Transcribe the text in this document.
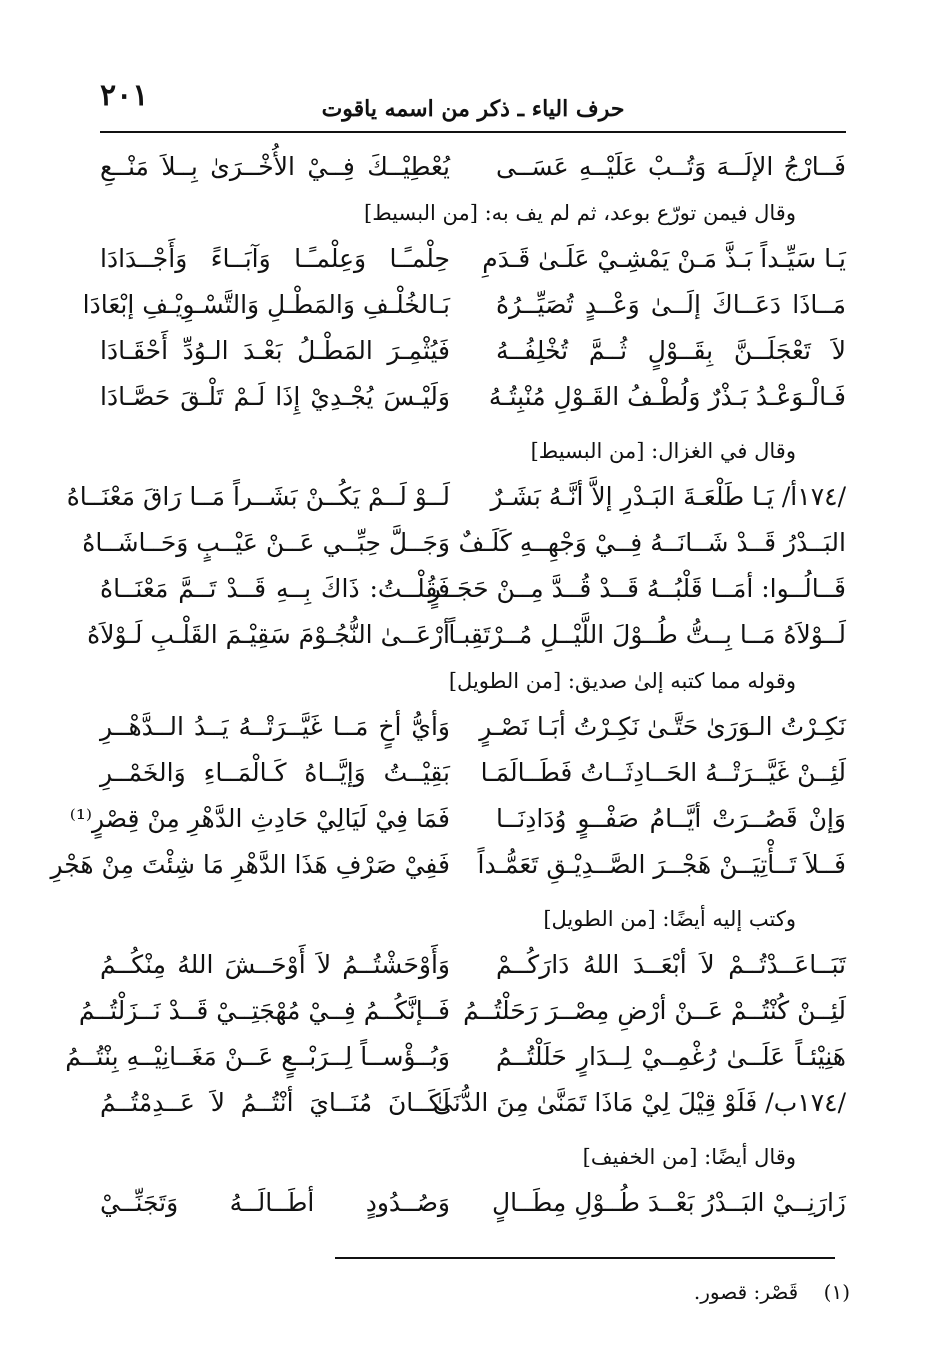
٢٠١	حرف الياء ـ ذكر من اسمه ياقوت
فَــارْجُ الإلَــهَ وَتُــبْ عَلَيْــهِ عَسَــى
يُعْطِيْــكَ فِــيْ الأُخْــرَىٰ بِــلاَ مَنْــعِ
وقال فيمن تورّع بوعد، ثم لم يف به: [من البسيط]
يَـا سَيِّـداً بَـذَّ مَـنْ يَمْشِـيْ عَلَـىٰ قَـدَمِ
حِلْمـًـا وَعِلْمـًـا وَآبَــاءً وَأَجْــدَادَا
مَــاذَا دَعَــاكَ إلَــىٰ وَعْــدٍ تُصَيِّــرُهُ
بَـالخُلْـفِ وَالمَطْـلِ وَالتَّسْـوِيْـفِ إبْعَادَا
لاَ تَعْجَلَــنَّ بِقَــوْلٍ ثُــمَّ تُخْلِفُــهُ
فَيُثْمِـرَ المَطْـلُ بَعْـدَ الـوُدِّ أَحْقَـادَا
فَـالْـوَعْـدُ بَـذْرٌ وَلُطْـفُ القَـوْلِ مُنْبِتُـهُ
وَلَيْـسَ يُجْـدِيْ إِذَا لَـمْ تَلْـقَ حَصَّـادَا
وقال في الغزال: [من البسيط]
/١٧٤أ/ يَـا طَلْعَـةَ البَـدْرِ إلاَّ أنَّـهُ بَشَـرٌ
لَــوْ لَــمْ يَكُــنْ بَشَــراً مَــا رَاقَ مَعْنَــاهُ
البَــدْرُ قَــدْ شَــانَــهُ فِــيْ وَجْهِــهِ كَلَـفٌ
وَجَــلَّ حِبِّــي عَــنْ عَيْــبٍ وَحَــاشَــاهُ
قَــالُــوا: أمَــا قَلْبُــهُ قَــدْ قُــدَّ مِــنْ حَجَــرٍ
فَقُلْــتُ: ذَاكَ بِــهِ قَــدْ تَــمَّ مَعْنَــاهُ
لَــوْلاَهُ مَــا بِــتُّ طُــوْلَ اللَّيْــلِ مُــرْتَقِبـاً
أرْعَــىٰ النُّجُـوْمَ سَقِيْـمَ القَلْـبِ لَـوْلاَهُ
وقوله مما كتبه إلىٰ صديق: [من الطويل]
نَكِـرْتُ الـوَرَىٰ حَتَّـىٰ نَكِـرْتُ أبَـا نَصْـرٍ
وَأيُّ أخٍ مَــا غَيَّــرَتْــهُ يَــدُ الــدَّهْــرِ
لَئِــنْ غَيَّــرَتْــهُ الحَــادِثَــاتُ فَطَــالَمَـا
بَقِيْــتُ وَإيَّــاهُ كَـالْمَــاءِ وَالخَمْــرِ
وَإنْ قَصُــرَتْ أيَّــامُ صَفْــوٍ وُدَادِنَــا
فَمَا فِيْ لَيَالِيْ حَادِثِ الدَّهْرِ مِنْ قِصْرٍ⁽¹⁾
فَــلاَ تَــأْتِيَــنْ هَجْــرَ الصَّــدِيْـقِ تَعَمُّـداً
فَفِيْ صَرْفِ هَذَا الدَّهْرِ مَا شِئْتَ مِنْ هَجْرِ
وكتب إليه أيضًا: [من الطويل]
تَبَــاعَــدْتُــمْ لاَ أبْعَــدَ اللهُ دَارَكُــمْ
وَأَوْحَشْتُــمُ لاَ أَوْحَــشَ اللهُ مِنْكُــمُ
لَئِــنْ كُنْتُــمْ عَــنْ أرْضِ مِصْــرَ رَحَلْتُــمُ
فَــإنَّكُــمُ فِــيْ مُهْجَتِــيْ قَــدْ نَــزَلْتُــمُ
هَنِيْئـاً عَلَــىٰ رُغْمِــيْ لِــدَارٍ حَلَلْتُــمُ
وَبُــؤْســاً لِــرَبْــعٍ عَــنْ مَغَــانِيْــهِ بِنْتُــمُ
/١٧٤ب/ فَلَوْ قِيْلَ لِيْ مَاذَا تَمَنَّىٰ مِنَ الدُّنَىٰ
لَكَــانَ مُنَــايَ أنْتُــمُ لاَ عَــدِمْتُــمُ
وقال أيضًا: [من الخفيف]
زَارَنِــيْ البَــدْرُ بَعْــدَ طُــوْلِ مِطَــالٍ
وَصُــدُودٍ أطَــالَــهُ وَتَجَنِّــيْ
(١)    قَصْر: قصور.
